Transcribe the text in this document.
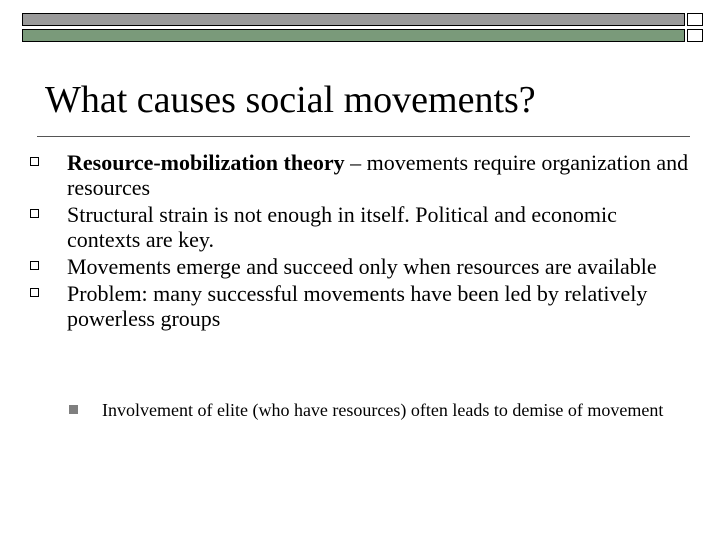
What causes social movements?
Resource-mobilization theory – movements require organization and resources
Structural strain is not enough in itself. Political and economic contexts are key.
Movements emerge and succeed only when resources are available
Problem: many successful movements have been led by relatively powerless groups
Involvement of elite (who have resources) often leads to demise of movement
